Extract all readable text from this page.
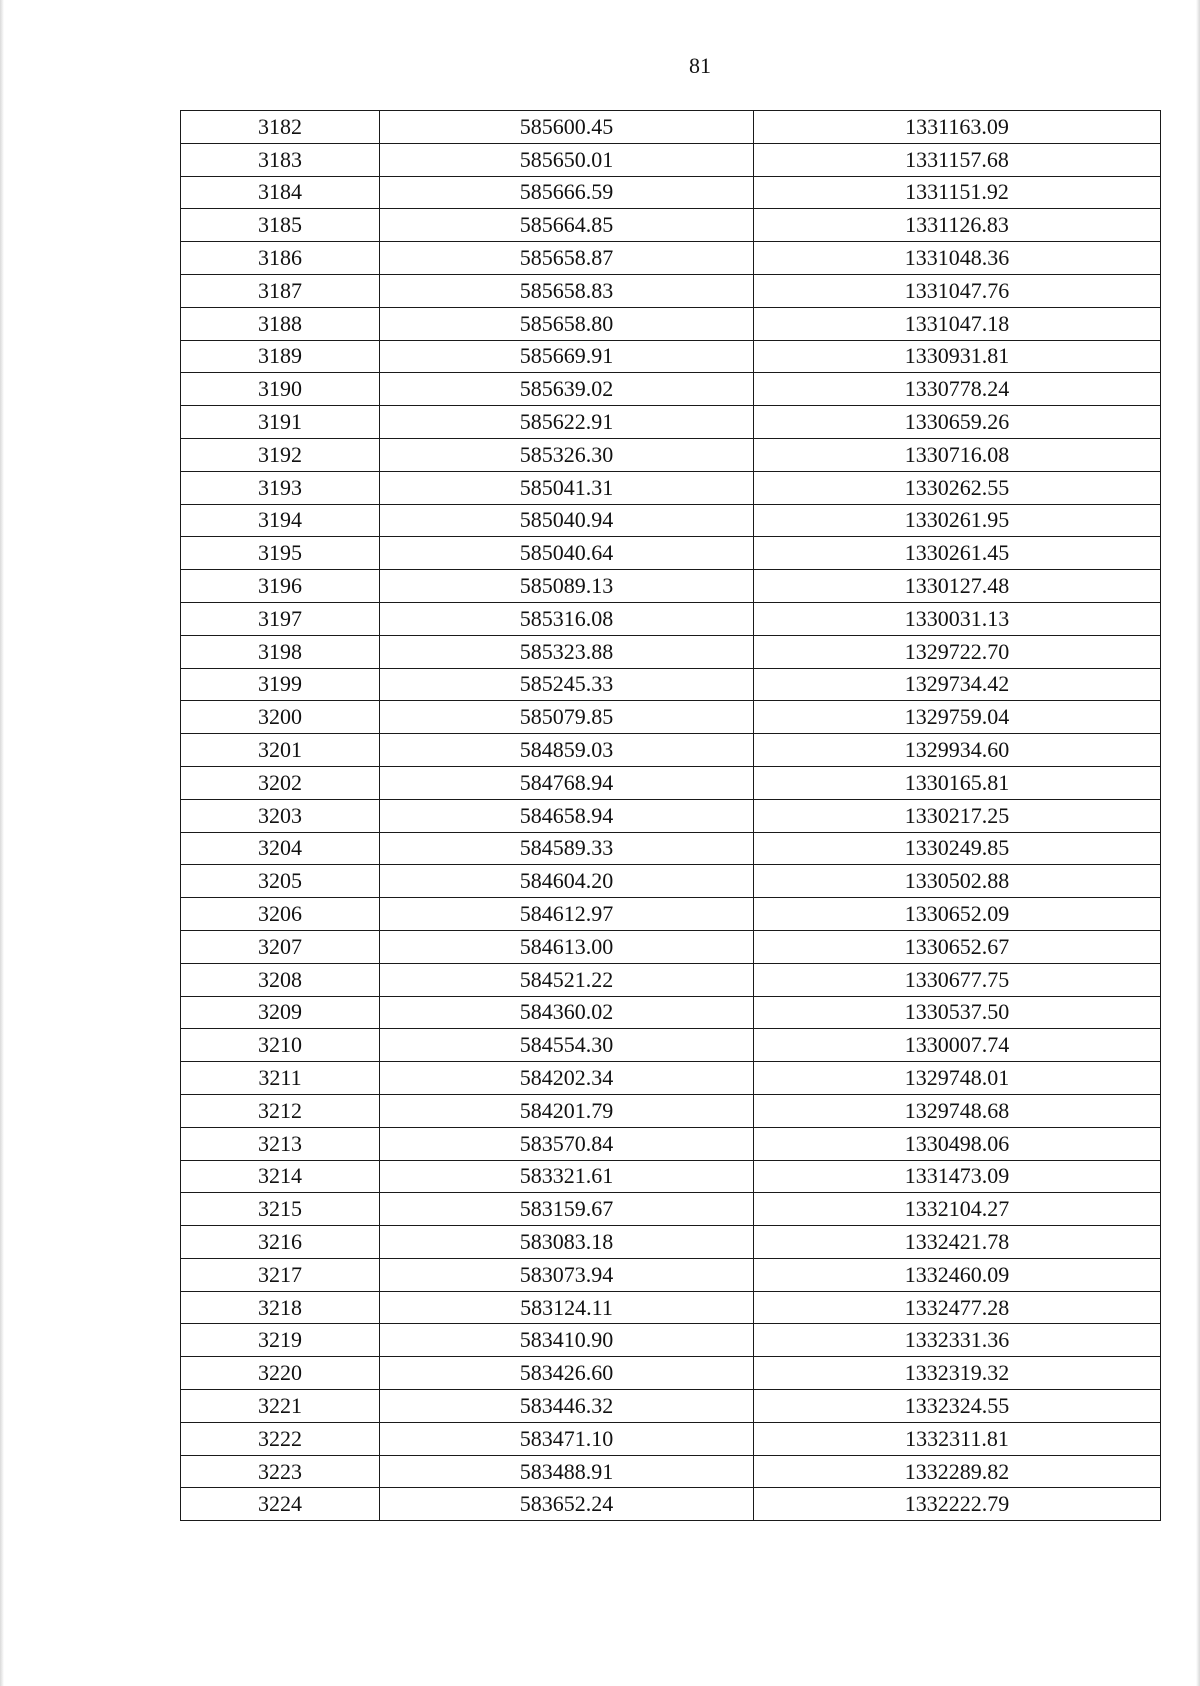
81
3182	585600.45	1331163.09
3183	585650.01	1331157.68
3184	585666.59	1331151.92
3185	585664.85	1331126.83
3186	585658.87	1331048.36
3187	585658.83	1331047.76
3188	585658.80	1331047.18
3189	585669.91	1330931.81
3190	585639.02	1330778.24
3191	585622.91	1330659.26
3192	585326.30	1330716.08
3193	585041.31	1330262.55
3194	585040.94	1330261.95
3195	585040.64	1330261.45
3196	585089.13	1330127.48
3197	585316.08	1330031.13
3198	585323.88	1329722.70
3199	585245.33	1329734.42
3200	585079.85	1329759.04
3201	584859.03	1329934.60
3202	584768.94	1330165.81
3203	584658.94	1330217.25
3204	584589.33	1330249.85
3205	584604.20	1330502.88
3206	584612.97	1330652.09
3207	584613.00	1330652.67
3208	584521.22	1330677.75
3209	584360.02	1330537.50
3210	584554.30	1330007.74
3211	584202.34	1329748.01
3212	584201.79	1329748.68
3213	583570.84	1330498.06
3214	583321.61	1331473.09
3215	583159.67	1332104.27
3216	583083.18	1332421.78
3217	583073.94	1332460.09
3218	583124.11	1332477.28
3219	583410.90	1332331.36
3220	583426.60	1332319.32
3221	583446.32	1332324.55
3222	583471.10	1332311.81
3223	583488.91	1332289.82
3224	583652.24	1332222.79
